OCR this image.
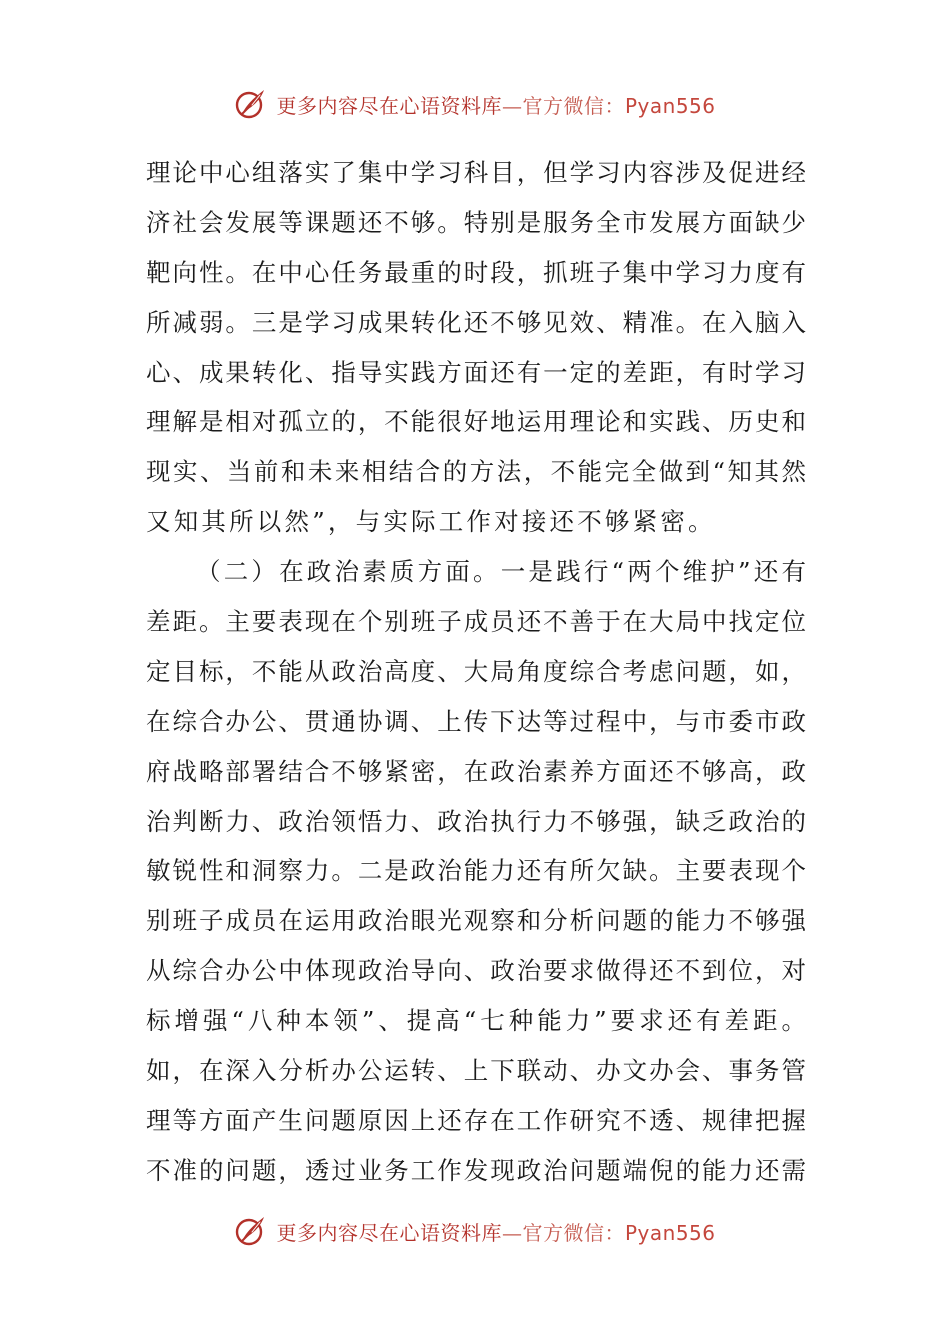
更多内容尽在心语资料库—官方微信：Pyan556
理论中心组落实了集中学习科目，但学习内容涉及促进经
济社会发展等课题还不够。特别是服务全市发展方面缺少
靶向性。在中心任务最重的时段，抓班子集中学习力度有
所减弱。三是学习成果转化还不够见效、精准。在入脑入
心、成果转化、指导实践方面还有一定的差距，有时学习
理解是相对孤立的，不能很好地运用理论和实践、历史和
现实、当前和未来相结合的方法，不能完全做到“知其然
又知其所以然”，与实际工作对接还不够紧密。
（二）在政治素质方面。一是践行“两个维护”还有
差距。主要表现在个别班子成员还不善于在大局中找定位
定目标，不能从政治高度、大局角度综合考虑问题，如，
在综合办公、贯通协调、上传下达等过程中，与市委市政
府战略部署结合不够紧密，在政治素养方面还不够高，政
治判断力、政治领悟力、政治执行力不够强，缺乏政治的
敏锐性和洞察力。二是政治能力还有所欠缺。主要表现个
别班子成员在运用政治眼光观察和分析问题的能力不够强
从综合办公中体现政治导向、政治要求做得还不到位，对
标增强“八种本领”、提高“七种能力”要求还有差距。
如，在深入分析办公运转、上下联动、办文办会、事务管
理等方面产生问题原因上还存在工作研究不透、规律把握
不准的问题，透过业务工作发现政治问题端倪的能力还需
更多内容尽在心语资料库—官方微信：Pyan556
